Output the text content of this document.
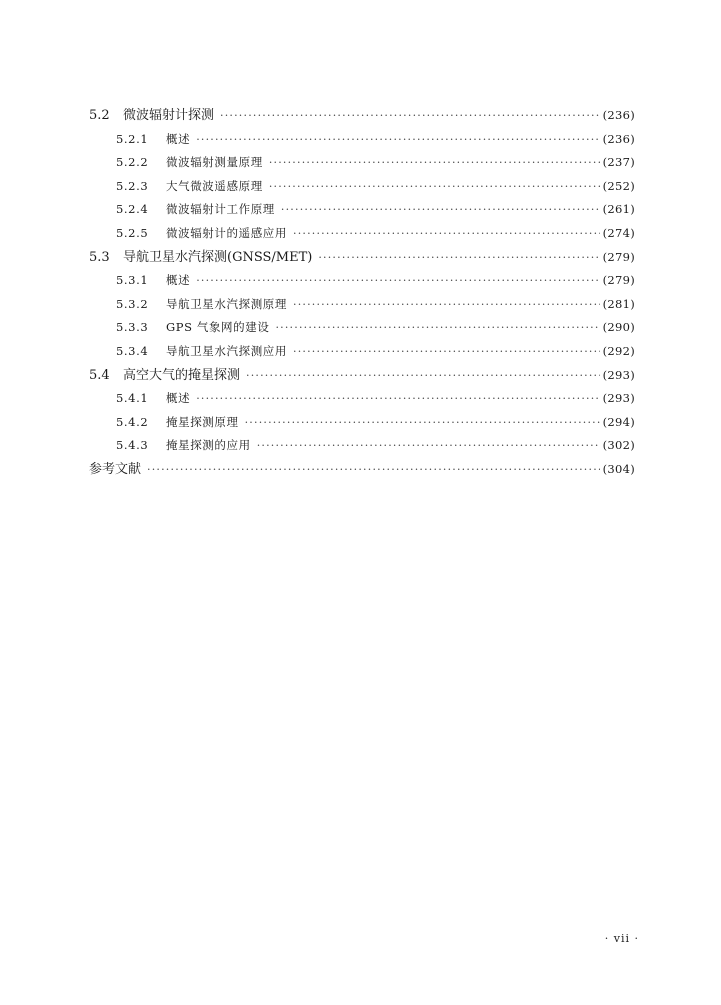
5.2	微波辐射计探测 ·····	(236)
5.2.1	概述 ·····	(236)
5.2.2	微波辐射测量原理 ·····	(237)
5.2.3	大气微波遥感原理 ·····	(252)
5.2.4	微波辐射计工作原理 ·····	(261)
5.2.5	微波辐射计的遥感应用 ·····	(274)
5.3	导航卫星水汽探测(GNSS/MET) ·····	(279)
5.3.1	概述 ·····	(279)
5.3.2	导航卫星水汽探测原理 ·····	(281)
5.3.3	GPS 气象网的建设 ·····	(290)
5.3.4	导航卫星水汽探测应用 ·····	(292)
5.4	高空大气的掩星探测 ·····	(293)
5.4.1	概述 ·····	(293)
5.4.2	掩星探测原理 ·····	(294)
5.4.3	掩星探测的应用 ·····	(302)
参考文献 ·····	(304)
· vii ·
